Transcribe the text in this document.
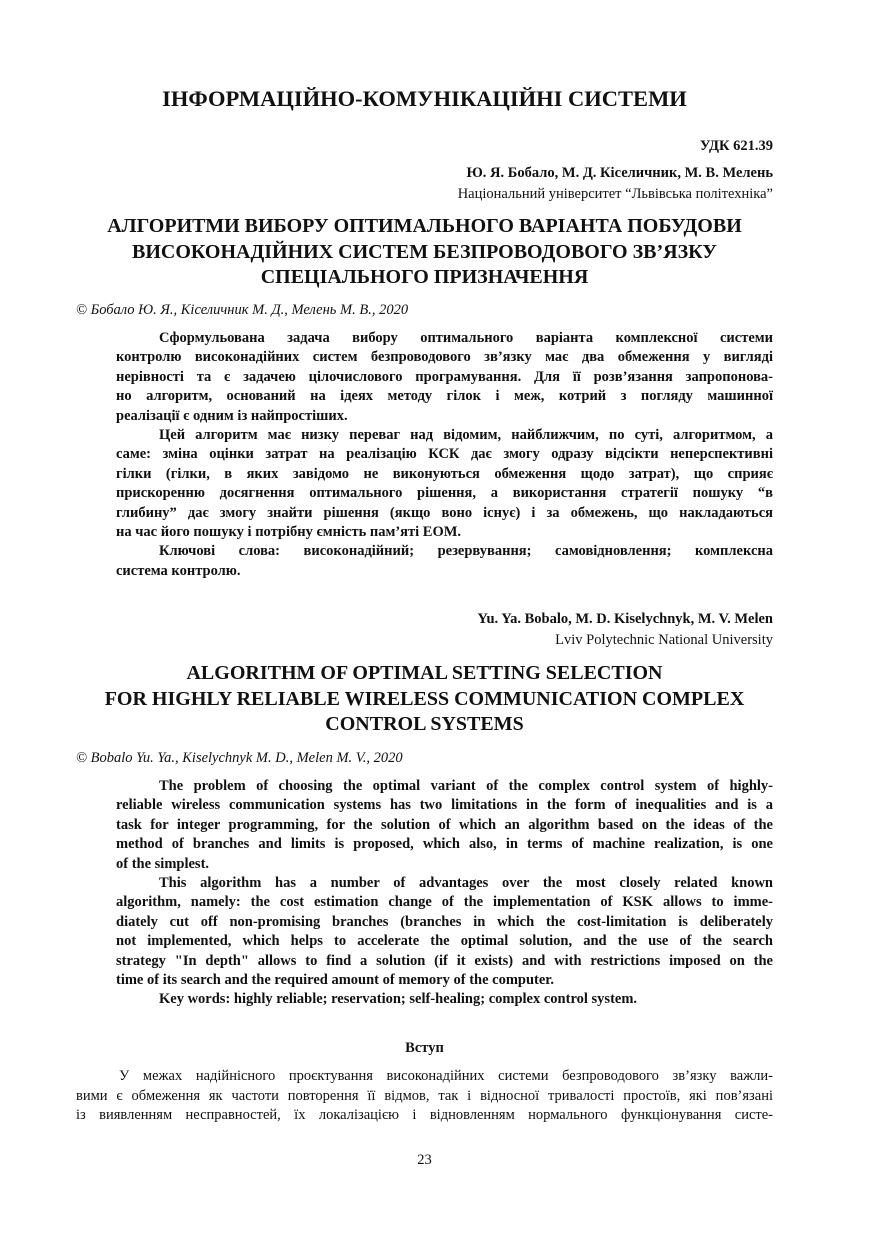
ІНФОРМАЦІЙНО-КОМУНІКАЦІЙНІ СИСТЕМИ
УДК 621.39
Ю. Я. Бобало, М. Д. Кіселичник, М. В. Мелень
Національний університет “Львівська політехніка”
АЛГОРИТМИ ВИБОРУ ОПТИМАЛЬНОГО ВАРІАНТА ПОБУДОВИ
ВИСОКОНАДІЙНИХ СИСТЕМ БЕЗПРОВОДОВОГО ЗВ’ЯЗКУ
СПЕЦІАЛЬНОГО ПРИЗНАЧЕННЯ
© Бобало Ю. Я., Кіселичник М. Д., Мелень М. В., 2020
Сформульована задача вибору оптимального варіанта комплексної системи
контролю високонадійних систем безпроводового зв’язку має два обмеження у вигляді
нерівності та є задачею цілочислового програмування. Для її розв’язання запропонова-
но алгоритм, оснований на ідеях методу гілок і меж, котрий з погляду машинної
реалізації є одним із найпростіших.
Цей алгоритм має низку переваг над відомим, найближчим, по суті, алгоритмом, а
саме: зміна оцінки затрат на реалізацію КСК дає змогу одразу відсікти неперспективні
гілки (гілки, в яких завідомо не виконуються обмеження щодо затрат), що сприяє
прискоренню досягнення оптимального рішення, а використання стратегії пошуку “в
глибину” дає змогу знайти рішення (якщо воно існує) і за обмежень, що накладаються
на час його пошуку і потрібну ємність пам’яті ЕОМ.
Ключові слова: високонадійний; резервування; самовідновлення; комплексна
система контролю.
Yu. Ya. Bobalo, M. D. Kiselychnyk, M. V. Melen
Lviv Polytechnic National University
ALGORITHM OF OPTIMAL SETTING SELECTION
FOR HIGHLY RELIABLE WIRELESS COMMUNICATION COMPLEX
CONTROL SYSTEMS
© Bobalo Yu. Ya., Kiselychnyk M. D., Melen M. V., 2020
The problem of choosing the optimal variant of the complex control system of highly-
reliable wireless communication systems has two limitations in the form of inequalities and is a
task for integer programming, for the solution of which an algorithm based on the ideas of the
method of branches and limits is proposed, which also, in terms of machine realization, is one
of the simplest.
This algorithm has a number of advantages over the most closely related known
algorithm, namely: the cost estimation change of the implementation of KSK allows to imme-
diately cut off non-promising branches (branches in which the cost-limitation is deliberately
not implemented, which helps to accelerate the optimal solution, and the use of the search
strategy "In depth" allows to find a solution (if it exists) and with restrictions imposed on the
time of its search and the required amount of memory of the computer.
Key words: highly reliable; reservation; self-healing; complex control system.
Вступ
У межах надійнісного проєктування високонадійних системи безпроводового зв’язку важли-
вими є обмеження як частоти повторення її відмов, так і відносної тривалості простоїв, які пов’язані
із виявленням несправностей, їх локалізацією і відновленням нормального функціонування систе-
23
